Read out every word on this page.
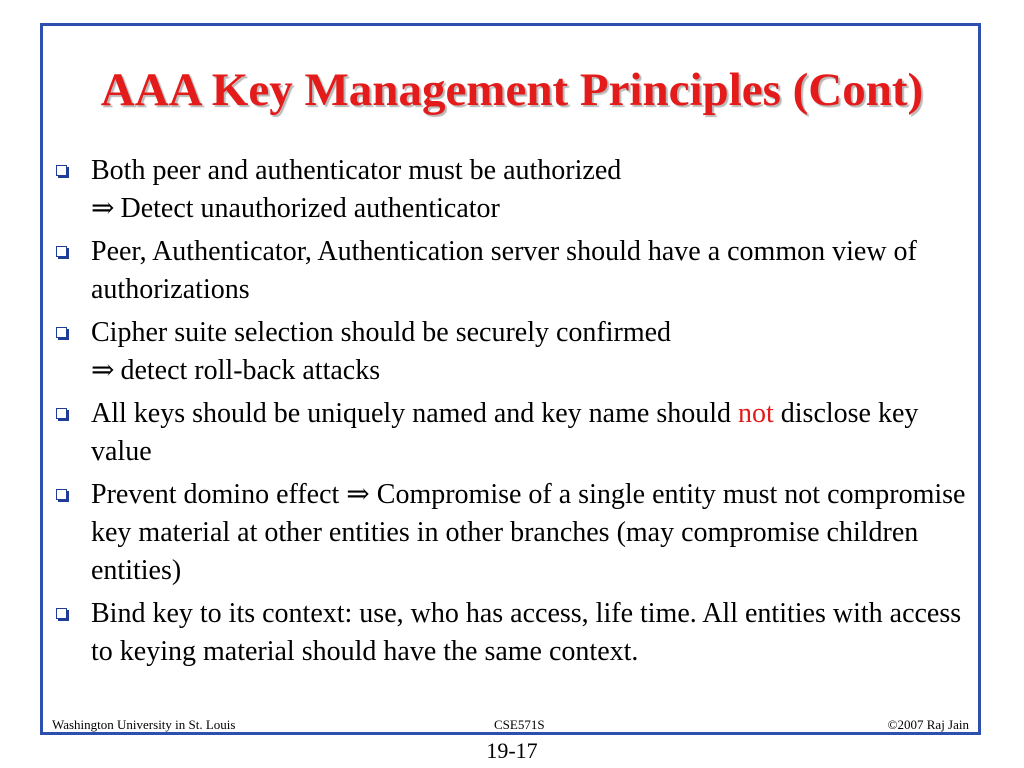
AAA Key Management Principles (Cont)
Both peer and authenticator must be authorized
⇒ Detect unauthorized authenticator
Peer, Authenticator, Authentication server should have a common view of authorizations
Cipher suite selection should be securely confirmed
⇒ detect roll-back attacks
All keys should be uniquely named and key name should not disclose key value
Prevent domino effect ⇒ Compromise of a single entity must not compromise key material at other entities in other branches (may compromise children entities)
Bind key to its context: use, who has access, life time. All entities with access to keying material should have the same context.
Washington University in St. Louis	CSE571S	©2007 Raj Jain
19-17
